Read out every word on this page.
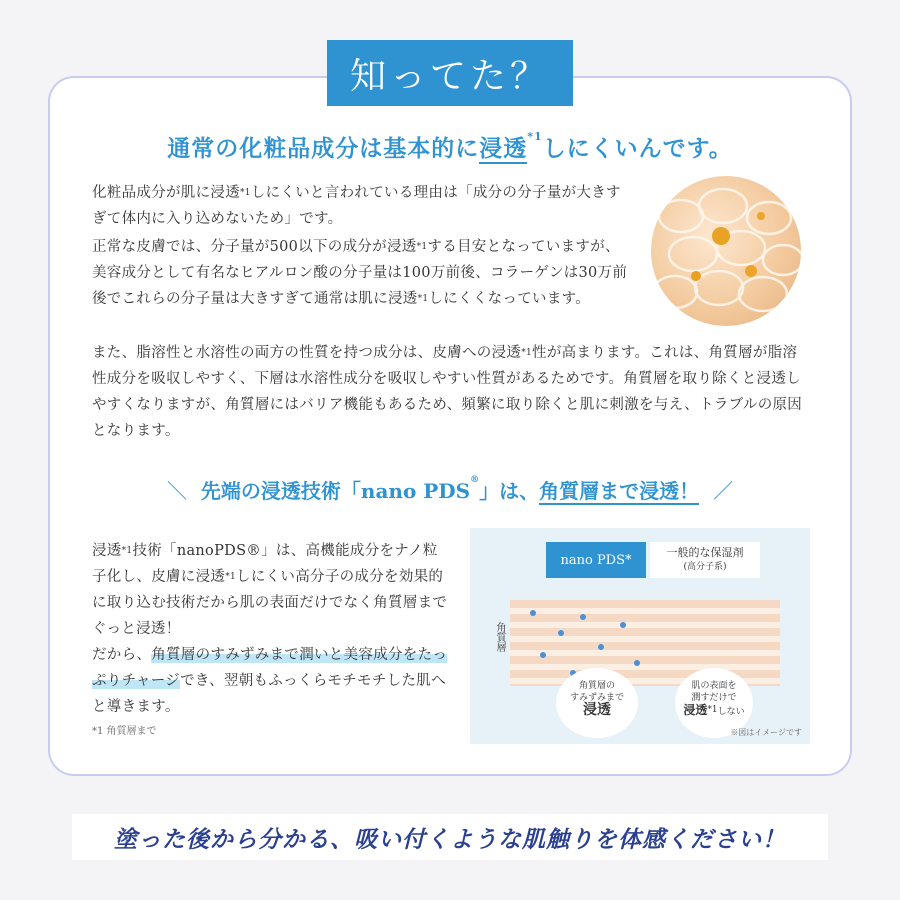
知ってた？
通常の化粧品成分は基本的に浸透$^{*1}$しにくいんです。
化粧品成分が肌に浸透$^{*1}$しにくいと言われている理由は「成分の分子量が大きすぎて体内に入り込めないため」です。
正常な皮膚では、分子量が500以下の成分が浸透$^{*1}$する目安となっていますが、美容成分として有名なヒアルロン酸の分子量は100万前後、コラーゲンは30万前後でこれらの分子量は大きすぎて通常は肌に浸透$^{*1}$しにくくなっています。
また、脂溶性と水溶性の両方の性質を持つ成分は、皮膚への浸透$^{*1}$性が高まります。これは、角質層が脂溶性成分を吸収しやすく、下層は水溶性成分を吸収しやすい性質があるためです。角質層を取り除くと浸透しやすくなりますが、角質層にはバリア機能もあるため、頻繁に取り除くと肌に刺激を与え、トラブルの原因となります。
＼ 先端の浸透技術「nano PDS®」は、角質層まで浸透！ ／
浸透$^{*1}$技術「nanoPDS®」は、高機能成分をナノ粒子化し、皮膚に浸透$^{*1}$しにくい高分子の成分を効果的に取り込む技術だから肌の表面だけでなく角質層までぐっと浸透！
だから、角質層のすみずみまで潤いと美容成分をたっぷりチャージでき、翌朝もふっくらモチモチした肌へと導きます。
*1 角質層まで
nano PDS*	一般的な保湿剤
(高分子系)
角質層
角質層の
すみずみまで
浸透
肌の表面を
潤すだけで
浸透*1しない
※図はイメージです
塗った後から分かる、吸い付くような肌触りを体感ください！
